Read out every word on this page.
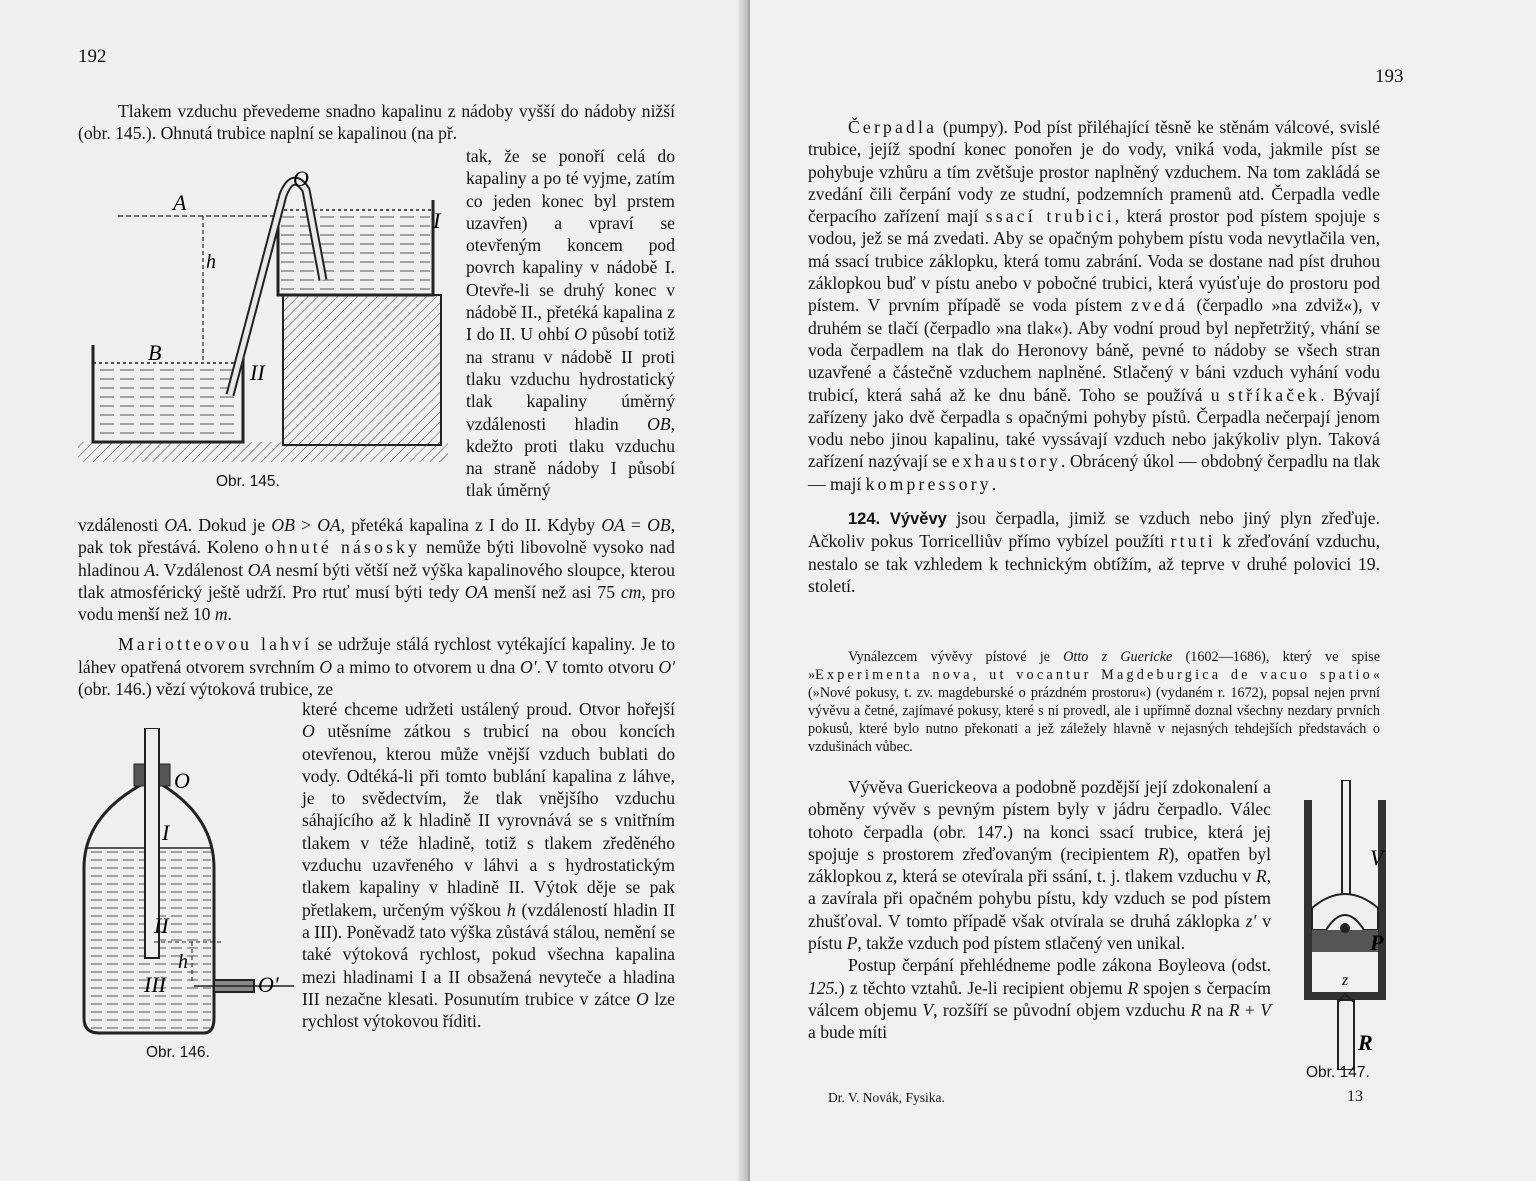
192

Tlakem vzduchu převedeme snadno kapalinu z nádoby vyšší do nádoby nižší (obr. 145.). Ohnutá trubice naplní se kapalinou (na př.

tak, že se ponoří celá do kapaliny a po té vyjme, zatím co jeden konec byl prstem uzavřen) a vpraví se otevřeným koncem pod povrch kapaliny v nádobě I. Otevře-li se druhý konec v nádobě II., přetéká kapalina z I do II. U ohbí O působí totiž na stranu v nádobě II proti tlaku vzduchu hydrostatický tlak kapaliny úměrný vzdálenosti hladin OB, kdežto proti tlaku vzduchu na straně nádoby I působí tlak úměrný

vzdálenosti OA. Dokud je OB > OA, přetéká kapalina z I do II. Kdyby OA = OB, pak tok přestává. Koleno ohnuté násosky nemůže býti libovolně vysoko nad hladinou A. Vzdálenost OA nesmí býti větší než výška kapalinového sloupce, kterou tlak atmosférický ještě udrží. Pro rtuť musí býti tedy OA menší než asi 75 cm, pro vodu menší než 10 m.

Mariotteovou lahví se udržuje stálá rychlost vytékající kapaliny. Je to láhev opatřená otvorem svrchním O a mimo to otvorem u dna O'. V tomto otvoru O' (obr. 146.) vězí výtoková trubice, ze

které chceme udržeti ustálený proud. Otvor hořejší O utěsníme zátkou s trubicí na obou koncích otevřenou, kterou může vnější vzduch bublati do vody. Odtéká-li při tomto bublání kapalina z láhve, je to svědectvím, že tlak vnějšího vzduchu sáhajícího až k hladině II vyrovnává se s vnitřním tlakem v téže hladině, totiž s tlakem zředěného vzduchu uzavřeného v láhvi a s hydrostatickým tlakem kapaliny v hladině II. Výtok děje se pak přetlakem, určeným výškou h (vzdáleností hladin II a III). Poněvadž tato výška zůstává stálou, nemění se také výtoková rychlost, pokud všechna kapalina mezi hladinami I a II obsažená nevyteče a hladina III nezačne klesati. Posunutím trubice v zátce O lze rychlost výtokovou říditi.

O
A
I
h
B
II
Obr. 145.
O
I
II
h
III	O'
Obr. 146.
193

Čerpadla (pumpy). Pod píst přiléhající těsně ke stěnám válcové, svislé trubice, jejíž spodní konec ponořen je do vody, vniká voda, jakmile píst se pohybuje vzhůru a tím zvětšuje prostor naplněný vzduchem. Na tom zakládá se zvedání čili čerpání vody ze studní, podzemních pramenů atd. Čerpadla vedle čerpacího zařízení mají ssací trubici, která prostor pod pístem spojuje s vodou, jež se má zvedati. Aby se opačným pohybem pístu voda nevytlačila ven, má ssací trubice záklopku, která tomu zabrání. Voda se dostane nad píst druhou záklopkou buď v pístu anebo v pobočné trubici, která vyúsťuje do prostoru pod pístem. V prvním případě se voda pístem zvedá (čerpadlo »na zdviž«), v druhém se tlačí (čerpadlo »na tlak«). Aby vodní proud byl nepřetržitý, vhání se voda čerpadlem na tlak do Heronovy báně, pevné to nádoby se všech stran uzavřené a částečně vzduchem naplněné. Stlačený v báni vzduch vyhání vodu trubicí, která sahá až ke dnu báně. Toho se používá u stříkaček. Bývají zařízeny jako dvě čerpadla s opačnými pohyby pístů. Čerpadla nečerpají jenom vodu nebo jinou kapalinu, také vyssávají vzduch nebo jakýkoliv plyn. Taková zařízení nazývají se exhaustory. Obrácený úkol — obdobný čerpadlu na tlak — mají kompressory.

124. Vývěvy jsou čerpadla, jimiž se vzduch nebo jiný plyn zřeďuje. Ačkoliv pokus Torricelliův přímo vybízel použíti rtuti k zřeďování vzduchu, nestalo se tak vzhledem k technickým obtížím, až teprve v druhé polovici 19. století.

Vynálezcem vývěvy pístové je Otto z Guericke (1602—1686), který ve spise »Experimenta nova, ut vocantur Magdeburgica de vacuo spatio« (»Nové pokusy, t. zv. magdeburské o prázdném prostoru«) (vydaném r. 1672), popsal nejen první vývěvu a četné, zajímavé pokusy, které s ní provedl, ale i upřímně doznal všechny nezdary prvních pokusů, které bylo nutno překonati a jež záležely hlavně v nejasných tehdejších představách o vzdušinách vůbec.

Vývěva Guerickeova a podobně pozdější její zdokonalení a obměny vývěv s pevným pístem byly v jádru čerpadlo. Válec tohoto čerpadla (obr. 147.) na konci ssací trubice, která jej spojuje s prostorem zřeďovaným (recipientem R), opatřen byl záklopkou z, která se otevírala při ssání, t. j. tlakem vzduchu v R, a zavírala při opačném pohybu pístu, kdy vzduch se pod pístem zhušťoval. V tomto případě však otvírala se druhá záklopka z' v pístu P, takže vzduch pod pístem stlačený ven unikal.

Postup čerpání přehlédneme podle zákona Boyleova (odst. 125.) z těchto vztahů. Je-li recipient objemu R spojen s čerpacím válcem objemu V, rozšíří se původní objem vzduchu R na R + V a bude míti

V
P
z
R
Obr. 147.
Dr. V. Novák, Fysika.	13
